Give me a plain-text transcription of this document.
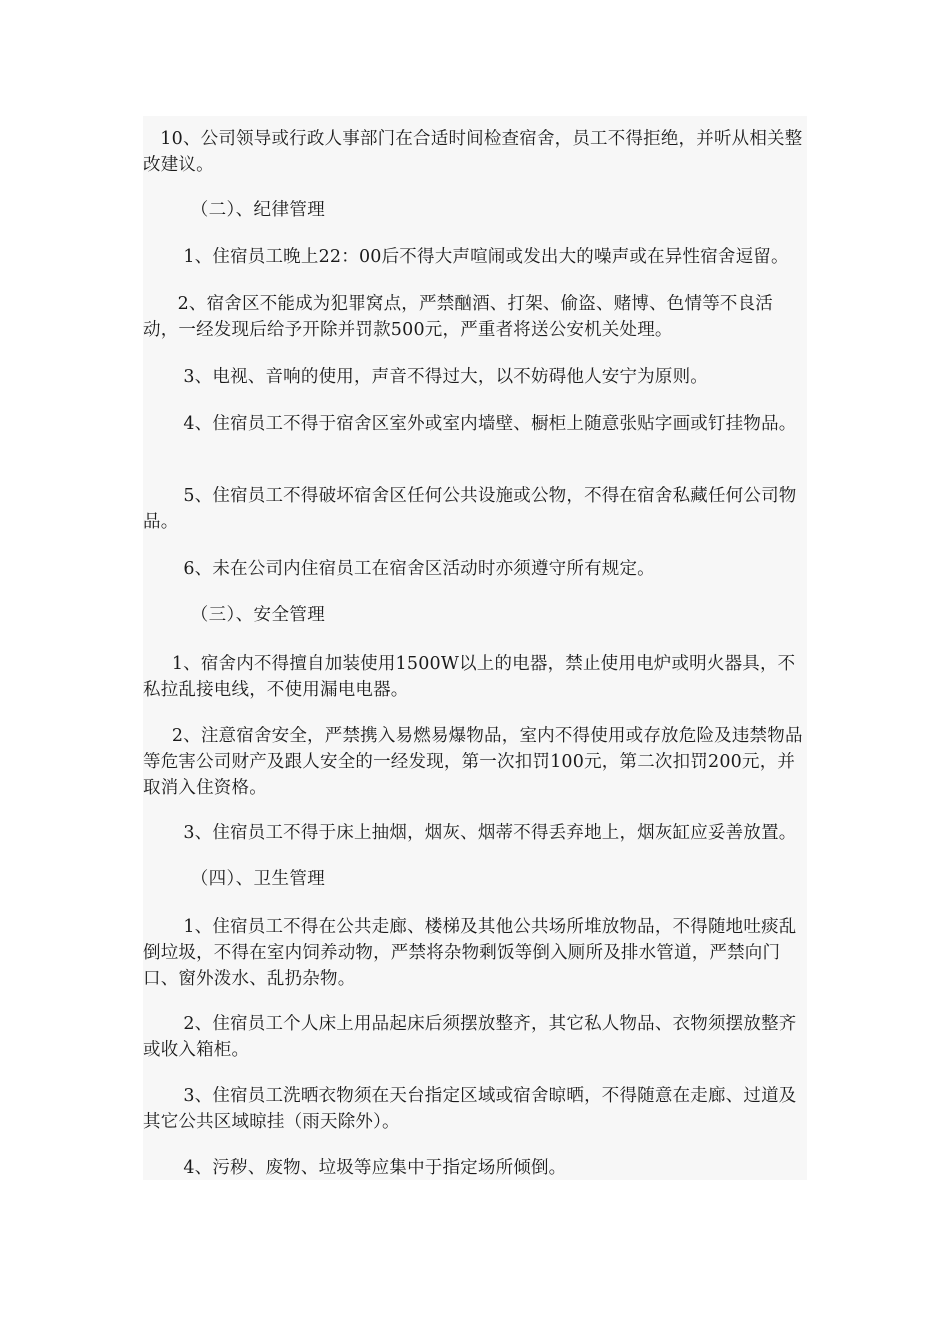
10、公司领导或行政人事部门在合适时间检查宿舍，员工不得拒绝，并听从相关整改建议。

（二）、纪律管理

1、住宿员工晚上22：00后不得大声喧闹或发出大的噪声或在异性宿舍逗留。

2、宿舍区不能成为犯罪窝点，严禁酗酒、打架、偷盗、赌博、色情等不良活动，一经发现后给予开除并罚款500元，严重者将送公安机关处理。

3、电视、音响的使用，声音不得过大，以不妨碍他人安宁为原则。

4、住宿员工不得于宿舍区室外或室内墙壁、橱柜上随意张贴字画或钉挂物品。

5、住宿员工不得破坏宿舍区任何公共设施或公物，不得在宿舍私藏任何公司物品。

6、未在公司内住宿员工在宿舍区活动时亦须遵守所有规定。

（三）、安全管理

1、宿舍内不得擅自加装使用1500W以上的电器，禁止使用电炉或明火器具，不私拉乱接电线，不使用漏电电器。

2、注意宿舍安全，严禁携入易燃易爆物品，室内不得使用或存放危险及违禁物品等危害公司财产及跟人安全的一经发现，第一次扣罚100元，第二次扣罚200元，并取消入住资格。

3、住宿员工不得于床上抽烟，烟灰、烟蒂不得丢弃地上，烟灰缸应妥善放置。

（四）、卫生管理

1、住宿员工不得在公共走廊、楼梯及其他公共场所堆放物品，不得随地吐痰乱倒垃圾，不得在室内饲养动物，严禁将杂物剩饭等倒入厕所及排水管道，严禁向门口、窗外泼水、乱扔杂物。

2、住宿员工个人床上用品起床后须摆放整齐，其它私人物品、衣物须摆放整齐或收入箱柜。

3、住宿员工洗晒衣物须在天台指定区域或宿舍晾晒，不得随意在走廊、过道及其它公共区域晾挂（雨天除外）。

4、污秽、废物、垃圾等应集中于指定场所倾倒。
